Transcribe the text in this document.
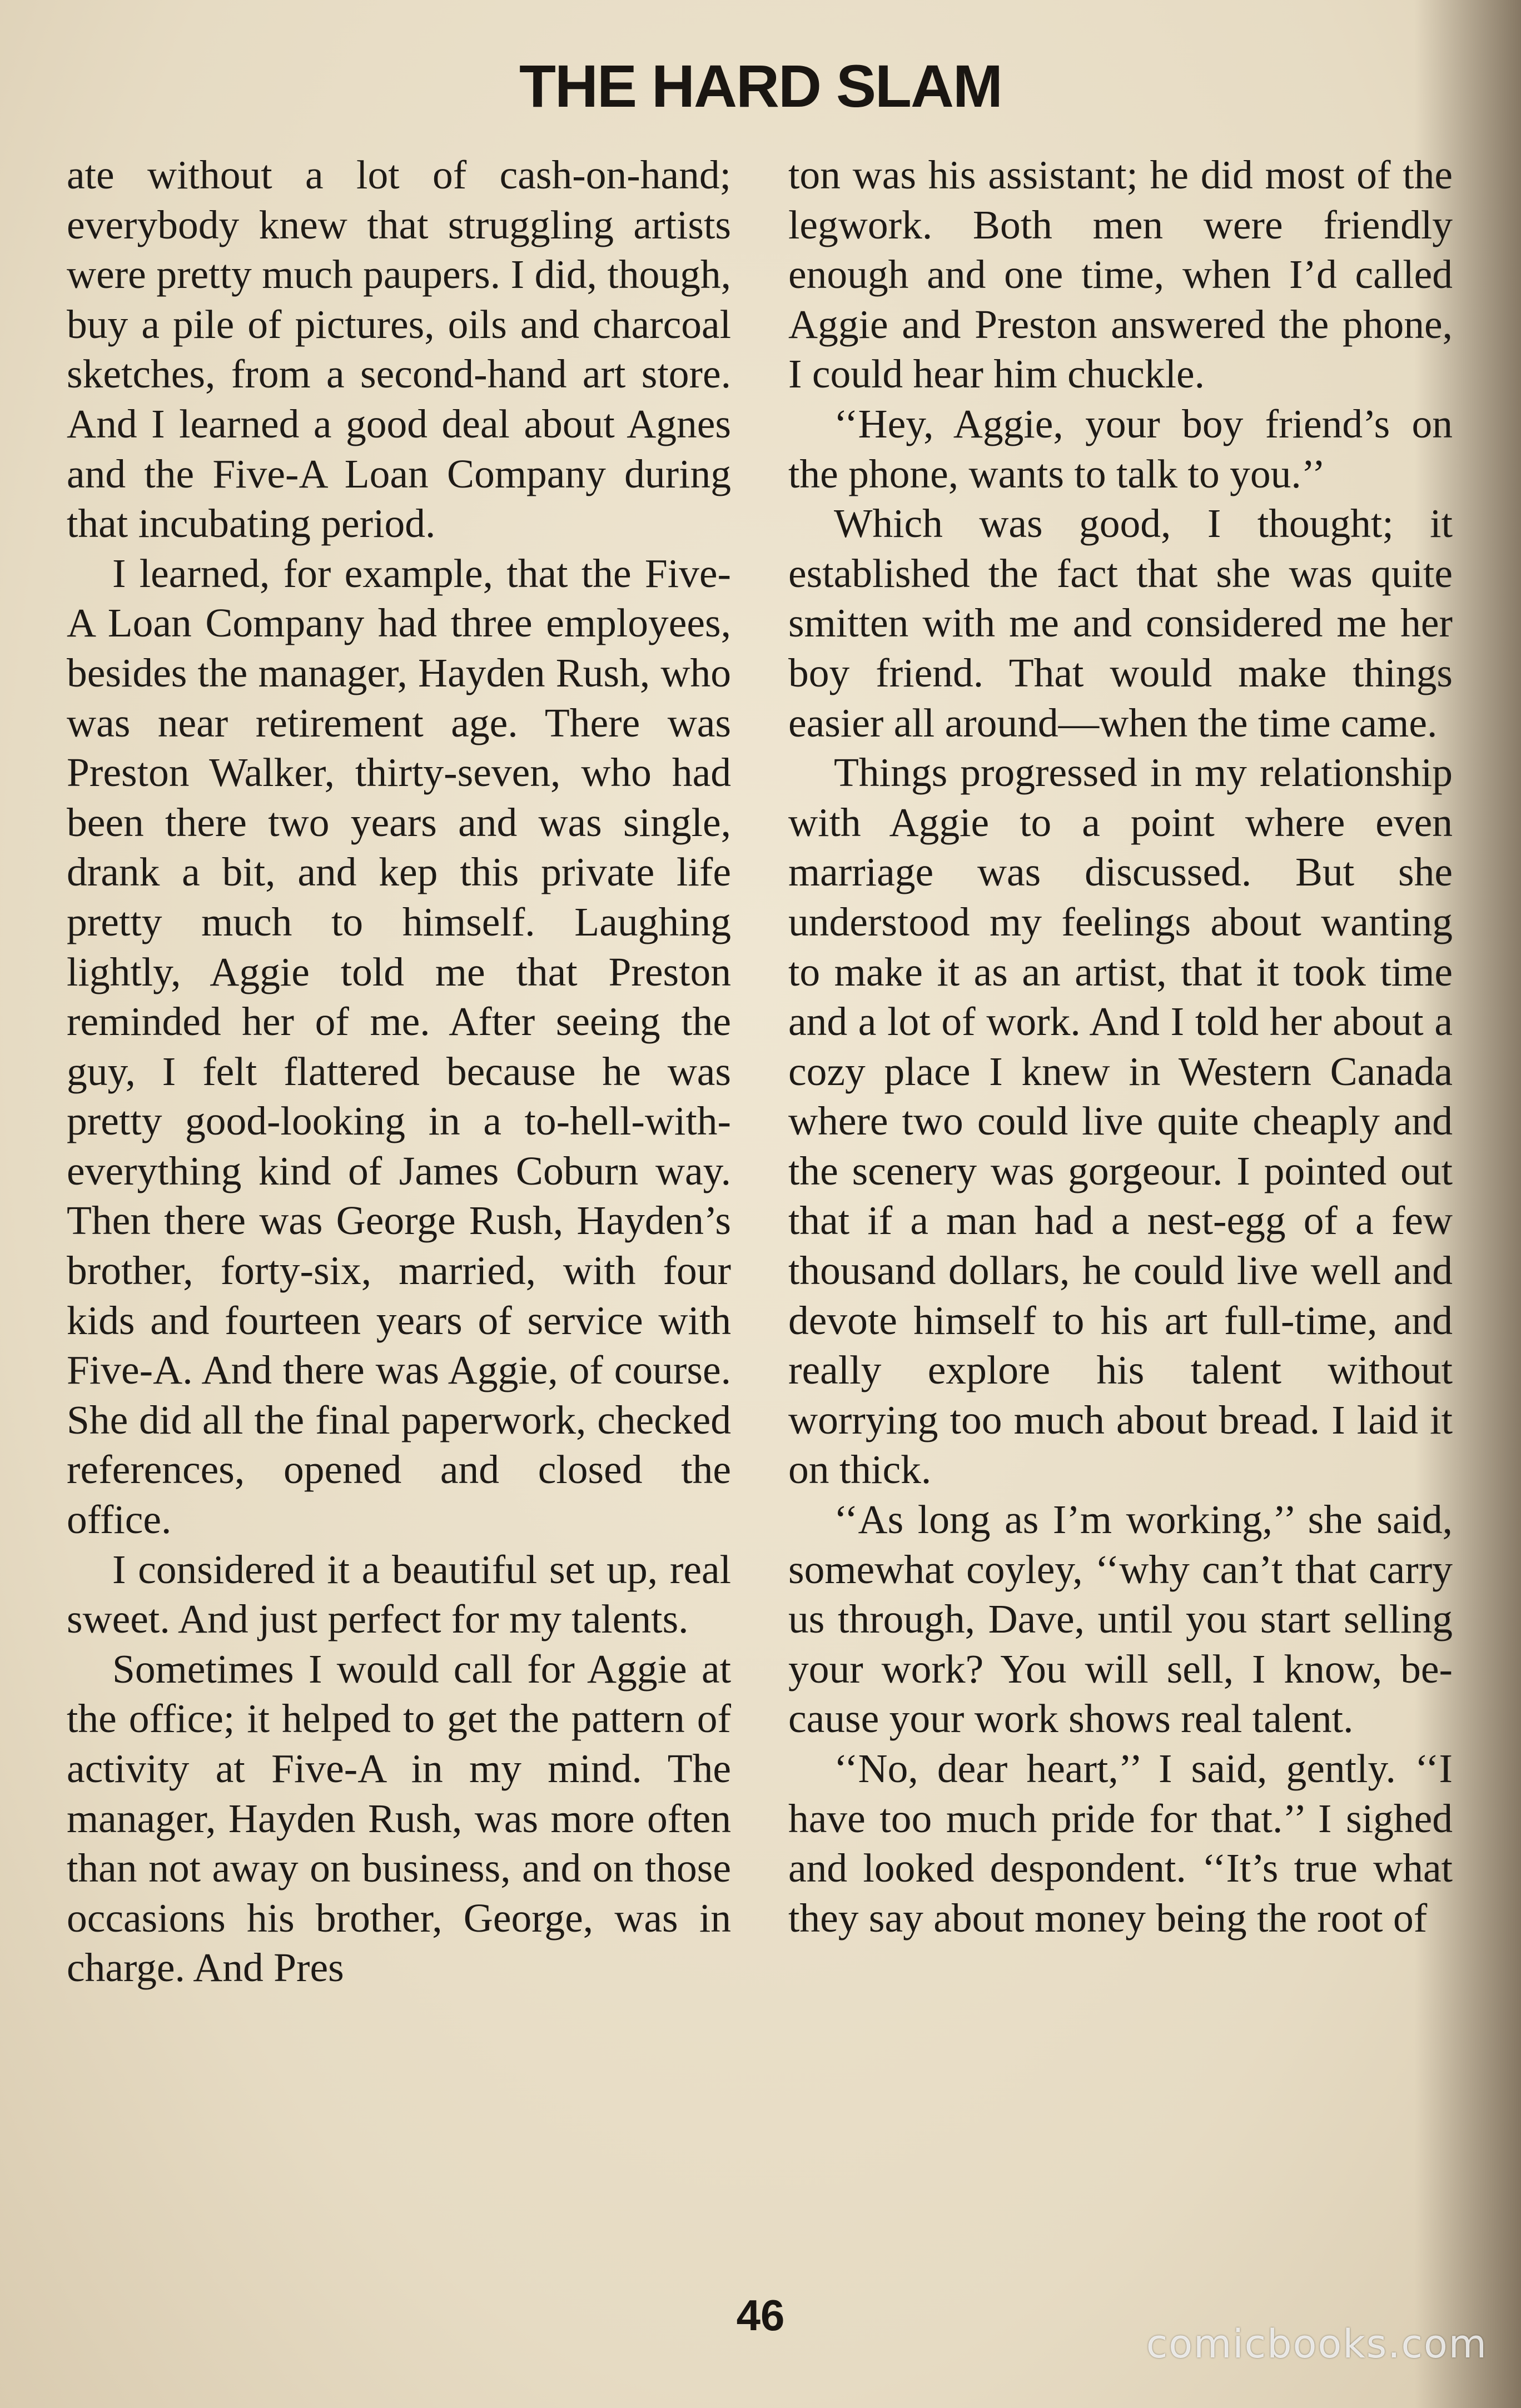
THE HARD SLAM

ate without a lot of cash-on-hand; everybody knew that struggling artists were pretty much paupers. I did, though, buy a pile of pictures, oils and charcoal sketches, from a second-hand art store. And I learned a good deal about Agnes and the Five-A Loan Company during that incubating period.

I learned, for example, that the Five-A Loan Company had three employees, besides the manager, Hayden Rush, who was near retirement age. There was Preston Walker, thirty-seven, who had been there two years and was single, drank a bit, and kep this private life pretty much to himself. Laughing lightly, Aggie told me that Preston reminded her of me. After seeing the guy, I felt flattered because he was pretty good-looking in a to-hell-with-everything kind of James Coburn way. Then there was George Rush, Hayden’s brother, forty-six, married, with four kids and fourteen years of service with Five-A. And there was Aggie, of course. She did all the final paperwork, checked references, opened and closed the office.

I considered it a beautiful set up, real sweet. And just perfect for my talents.

Sometimes I would call for Aggie at the office; it helped to get the pattern of activity at Five-A in my mind. The manager, Hayden Rush, was more often than not away on business, and on those occasions his brother, George, was in charge. And Pres

ton was his assistant; he did most of the legwork. Both men were friendly enough and one time, when I’d called Aggie and Preston answered the phone, I could hear him chuckle.

‘‘Hey, Aggie, your boy friend’s on the phone, wants to talk to you.’’

Which was good, I thought; it established the fact that she was quite smitten with me and considered me her boy friend. That would make things easier all around—when the time came.

Things progressed in my relationship with Aggie to a point where even marriage was discussed. But she understood my feelings about wanting to make it as an artist, that it took time and a lot of work. And I told her about a cozy place I knew in Western Canada where two could live quite cheaply and the scenery was gorgeour. I pointed out that if a man had a nest-egg of a few thousand dollars, he could live well and devote himself to his art full-time, and really explore his talent without worrying too much about bread. I laid it on thick.

‘‘As long as I’m working,’’ she said, somewhat coyley, ‘‘why can’t that carry us through, Dave, until you start selling your work? You will sell, I know, because your work shows real talent.

‘‘No, dear heart,’’ I said, gently. ‘‘I have too much pride for that.’’ I sighed and looked despondent. ‘‘It’s true what they say about money being the root of

46
comicbooks.com
